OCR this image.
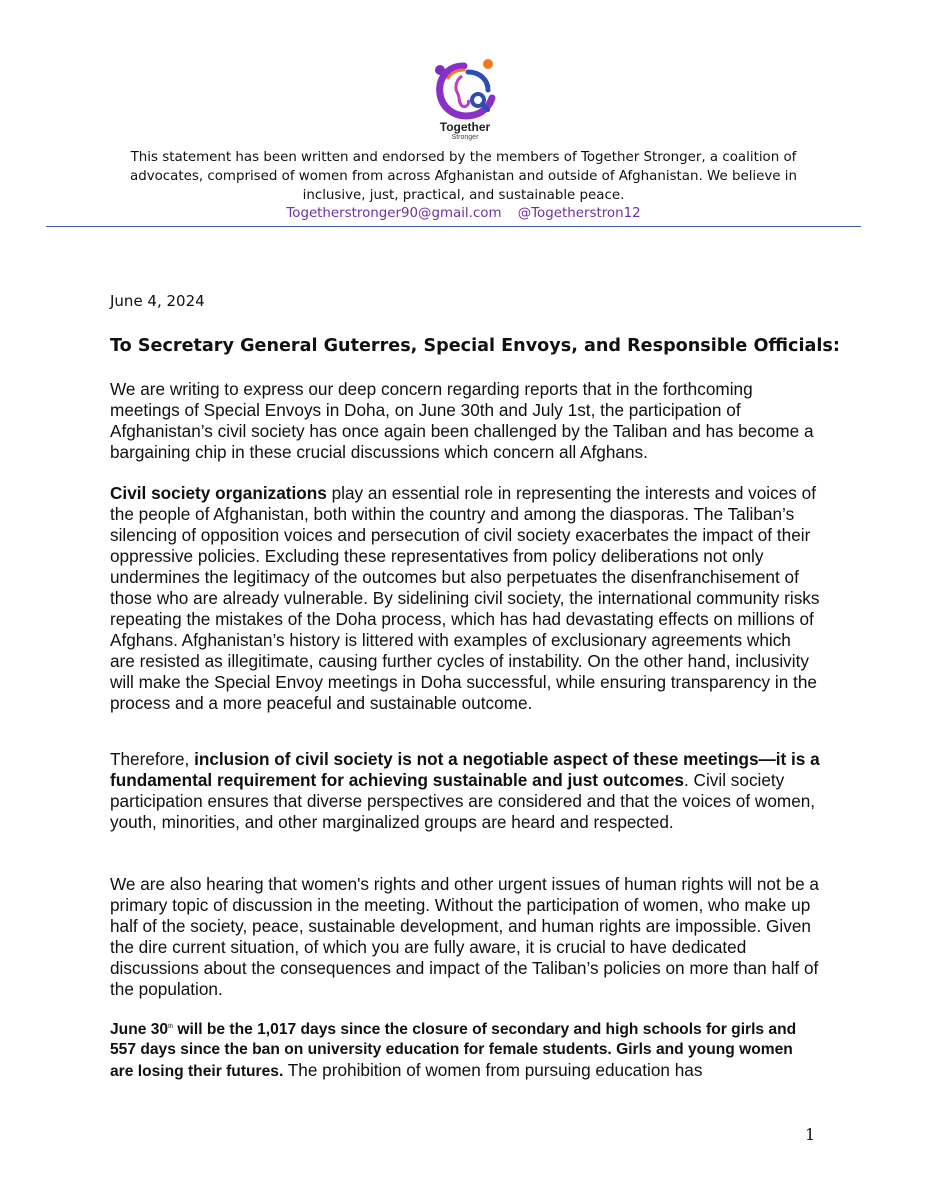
Together
Stronger
This statement has been written and endorsed by the members of Together Stronger, a coalition of advocates, comprised of women from across Afghanistan and outside of Afghanistan. We believe in inclusive, just, practical, and sustainable peace.
Togetherstronger90@gmail.com @Togetherstron12
June 4, 2024
To Secretary General Guterres, Special Envoys, and Responsible Officials:

We are writing to express our deep concern regarding reports that in the forthcoming meetings of Special Envoys in Doha, on June 30th and July 1st, the participation of Afghanistan’s civil society has once again been challenged by the Taliban and has become a bargaining chip in these crucial discussions which concern all Afghans.

Civil society organizations play an essential role in representing the interests and voices of the people of Afghanistan, both within the country and among the diasporas. The Taliban’s silencing of opposition voices and persecution of civil society exacerbates the impact of their oppressive policies. Excluding these representatives from policy deliberations not only undermines the legitimacy of the outcomes but also perpetuates the disenfranchisement of those who are already vulnerable. By sidelining civil society, the international community risks repeating the mistakes of the Doha process, which has had devastating effects on millions of Afghans. Afghanistan’s history is littered with examples of exclusionary agreements which are resisted as illegitimate, causing further cycles of instability. On the other hand, inclusivity will make the Special Envoy meetings in Doha successful, while ensuring transparency in the process and a more peaceful and sustainable outcome.

Therefore, inclusion of civil society is not a negotiable aspect of these meetings—it is a fundamental requirement for achieving sustainable and just outcomes. Civil society participation ensures that diverse perspectives are considered and that the voices of women, youth, minorities, and other marginalized groups are heard and respected.

We are also hearing that women's rights and other urgent issues of human rights will not be a primary topic of discussion in the meeting. Without the participation of women, who make up half of the society, peace, sustainable development, and human rights are impossible. Given the dire current situation, of which you are fully aware, it is crucial to have dedicated discussions about the consequences and impact of the Taliban’s policies on more than half of the population.

June 30th will be the 1,017 days since the closure of secondary and high schools for girls and 557 days since the ban on university education for female students. Girls and young women are losing their futures. The prohibition of women from pursuing education has

1
